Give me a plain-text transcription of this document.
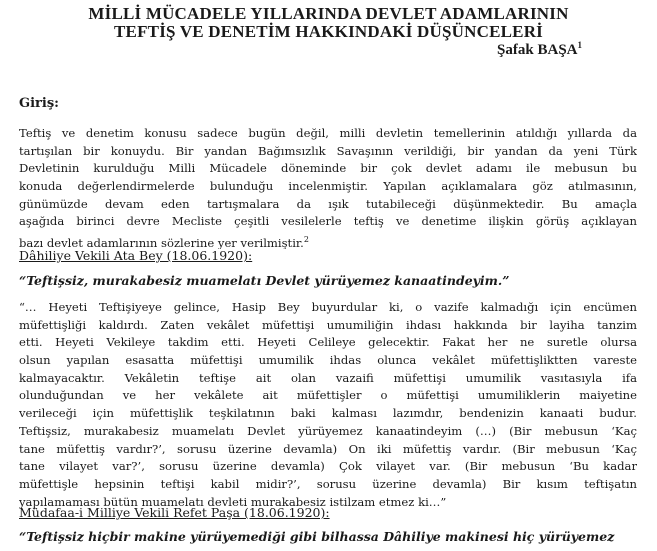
MİLLİ MÜCADELE YILLARINDA DEVLET ADAMLARININ
TEFTİŞ VE DENETİM HAKKINDAKİ DÜŞÜNCELERİ
Şafak BAŞA$^1$
Giriş:
Teftiş ve denetim konusu sadece bugün değil, milli devletin temellerinin atıldığı yıllarda da
tartışılan bir konuydu. Bir yandan Bağımsızlık Savaşının verildiği, bir yandan da yeni Türk
Devletinin kurulduğu Milli Mücadele döneminde bir çok devlet adamı ile mebusun bu
konuda değerlendirmelerde bulunduğu incelenmiştir. Yapılan açıklamalara göz atılmasının,
günümüzde devam eden tartışmalara da ışık tutabileceği düşünmektedir. Bu amaçla
aşağıda birinci devre Mecliste çeşitli vesilelerle teftiş ve denetime ilişkin görüş açıklayan
bazı devlet adamlarının sözlerine yer verilmiştir.$^2$
Dâhiliye Vekili Ata Bey (18.06.1920):
“Teftişsiz, murakabesiz muamelatı Devlet yürüyemez kanaatindeyim.”
“… Heyeti Teftişiyeye gelince, Hasip Bey buyurdular ki, o vazife kalmadığı için encümen
müfettişliği kaldırdı. Zaten vekâlet müfettişi umumiliğin ihdası hakkında bir layiha tanzim
etti. Heyeti Vekileye takdim etti. Heyeti Celileye gelecektir. Fakat her ne suretle olursa
olsun yapılan esasatta müfettişi umumilik ihdas olunca vekâlet müfettişliktten vareste
kalmayacaktır. Vekâletin teftişe ait olan vazaifi müfettişi umumilik vasıtasıyla ifa
olunduğundan ve her vekâlete ait müfettişler o müfettişi umumiliklerin maiyetine
verileceği için müfettişlik teşkilatının baki kalması lazımdır, bendenizin kanaati budur.
Teftişsiz, murakabesiz muamelatı Devlet yürüyemez kanaatindeyim (…) (Bir mebusun ‘Kaç
tane müfettiş vardır?’, sorusu üzerine devamla) On iki müfettiş vardır. (Bir mebusun ‘Kaç
tane vilayet var?’, sorusu üzerine devamla) Çok vilayet var. (Bir mebusun ‘Bu kadar
müfettişle hepsinin teftişi kabil midir?’, sorusu üzerine devamla) Bir kısım teftişatın
yapılamaması bütün muamelatı devleti murakabesiz istilzam etmez ki…”
Müdafaa-i Milliye Vekili Refet Paşa (18.06.1920):
“Teftişsiz hiçbir makine yürüyemediği gibi bilhassa Dâhiliye makinesi hiç yürüyemez
